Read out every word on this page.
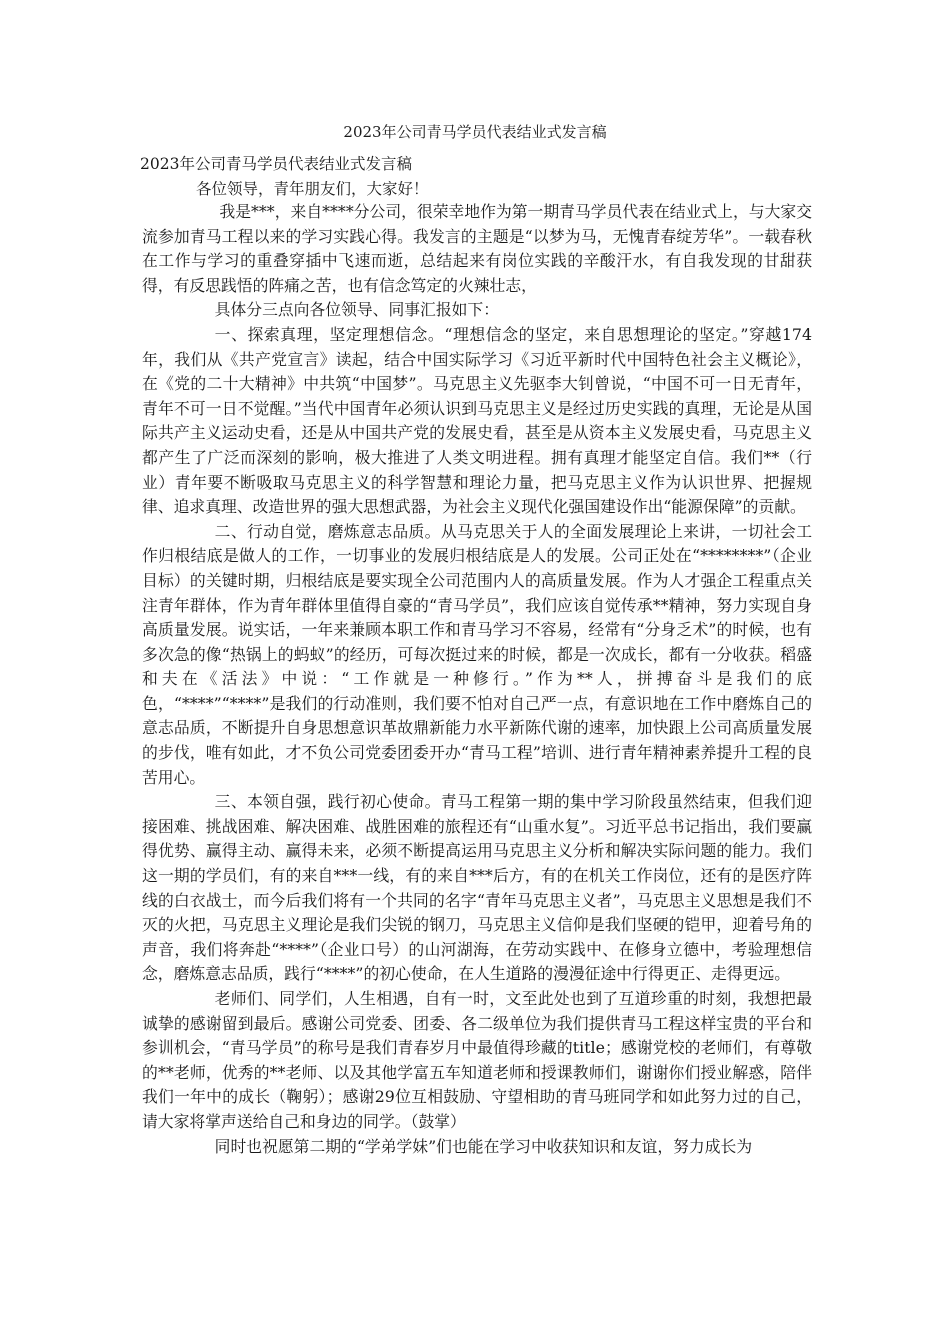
2023年公司青马学员代表结业式发言稿
2023年公司青马学员代表结业式发言稿
各位领导，青年朋友们，大家好！

我是***，来自****分公司，很荣幸地作为第一期青马学员代表在结业式上，与大家交流参加青马工程以来的学习实践心得。我发言的主题是“以梦为马，无愧青春绽芳华”。一载春秋在工作与学习的重叠穿插中飞速而逝，总结起来有岗位实践的辛酸汗水，有自我发现的甘甜获得，有反思践悟的阵痛之苦，也有信念笃定的火辣壮志，

具体分三点向各位领导、同事汇报如下：

一、探索真理，坚定理想信念。“理想信念的坚定，来自思想理论的坚定。”穿越174年，我们从《共产党宣言》读起，结合中国实际学习《习近平新时代中国特色社会主义概论》，在《党的二十大精神》中共筑“中国梦”。马克思主义先驱李大钊曾说，“中国不可一日无青年，青年不可一日不觉醒。”当代中国青年必须认识到马克思主义是经过历史实践的真理，无论是从国际共产主义运动史看，还是从中国共产党的发展史看，甚至是从资本主义发展史看，马克思主义都产生了广泛而深刻的影响，极大推进了人类文明进程。拥有真理才能坚定自信。我们**（行业）青年要不断吸取马克思主义的科学智慧和理论力量，把马克思主义作为认识世界、把握规律、追求真理、改造世界的强大思想武器，为社会主义现代化强国建设作出“能源保障”的贡献。

二、行动自觉，磨炼意志品质。从马克思关于人的全面发展理论上来讲，一切社会工作归根结底是做人的工作，一切事业的发展归根结底是人的发展。公司正处在“********”（企业目标）的关键时期，归根结底是要实现全公司范围内人的高质量发展。作为人才强企工程重点关注青年群体，作为青年群体里值得自豪的“青马学员”，我们应该自觉传承**精神，努力实现自身高质量发展。说实话，一年来兼顾本职工作和青马学习不容易，经常有“分身乏术”的时候，也有多次急的像“热锅上的蚂蚁”的经历，可每次挺过来的时候，都是一次成长，都有一分收获。稻盛和夫在《活法》中说：“工作就是一种修行。”作为**人，拼搏奋斗是我们的底色，“****”“****”是我们的行动准则，我们要不怕对自己严一点，有意识地在工作中磨炼自己的意志品质，不断提升自身思想意识革故鼎新能力水平新陈代谢的速率，加快跟上公司高质量发展的步伐，唯有如此，才不负公司党委团委开办“青马工程”培训、进行青年精神素养提升工程的良苦用心。

三、本领自强，践行初心使命。青马工程第一期的集中学习阶段虽然结束，但我们迎接困难、挑战困难、解决困难、战胜困难的旅程还有“山重水复”。习近平总书记指出，我们要赢得优势、赢得主动、赢得未来，必须不断提高运用马克思主义分析和解决实际问题的能力。我们这一期的学员们，有的来自***一线，有的来自***后方，有的在机关工作岗位，还有的是医疗阵线的白衣战士，而今后我们将有一个共同的名字“青年马克思主义者”，马克思主义思想是我们不灭的火把，马克思主义理论是我们尖锐的钢刀，马克思主义信仰是我们坚硬的铠甲，迎着号角的声音，我们将奔赴“****”（企业口号）的山河湖海，在劳动实践中、在修身立德中，考验理想信念，磨炼意志品质，践行“****”的初心使命，在人生道路的漫漫征途中行得更正、走得更远。

老师们、同学们，人生相遇，自有一时，文至此处也到了互道珍重的时刻，我想把最诚挚的感谢留到最后。感谢公司党委、团委、各二级单位为我们提供青马工程这样宝贵的平台和参训机会，“青马学员”的称号是我们青春岁月中最值得珍藏的title；感谢党校的老师们，有尊敬的**老师，优秀的**老师、以及其他学富五车知道老师和授课教师们，谢谢你们授业解惑，陪伴我们一年中的成长（鞠躬）；感谢29位互相鼓励、守望相助的青马班同学和如此努力过的自己，请大家将掌声送给自己和身边的同学。（鼓掌）

同时也祝愿第二期的“学弟学妹”们也能在学习中收获知识和友谊，努力成长为
